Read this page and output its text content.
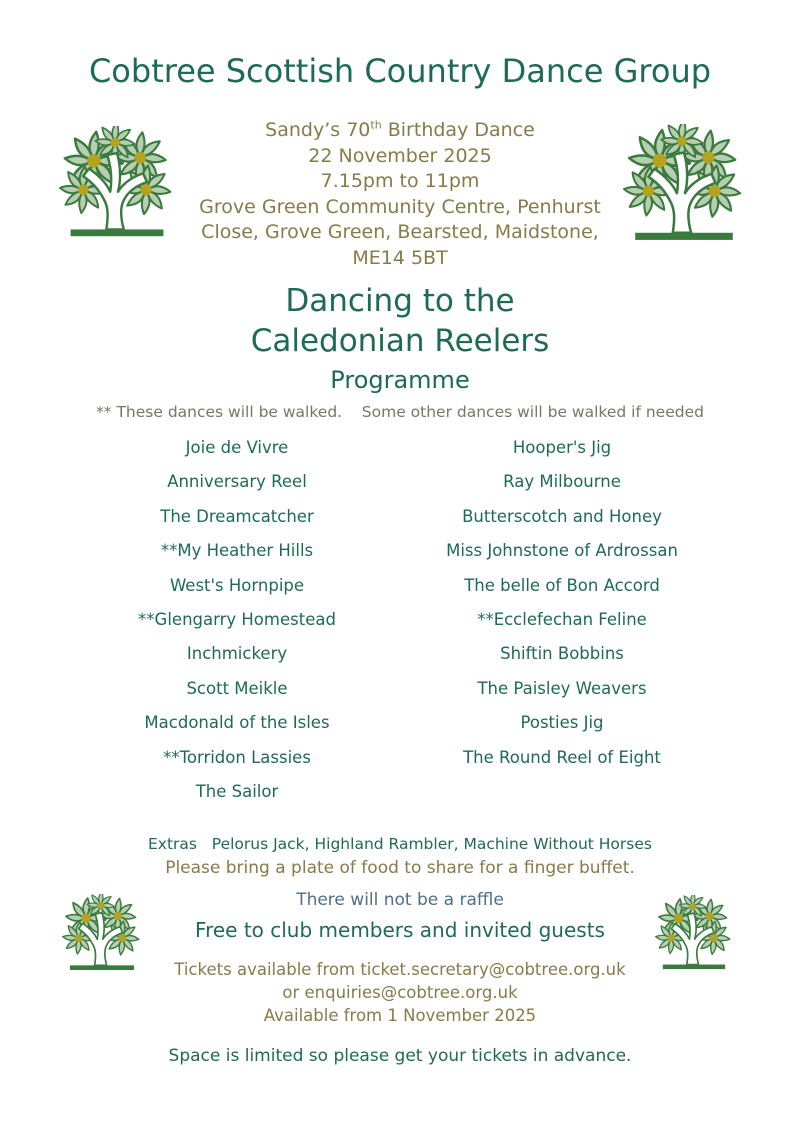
Cobtree Scottish Country Dance Group
Sandy’s 70th Birthday Dance
22 November 2025
7.15pm to 11pm
Grove Green Community Centre, Penhurst Close, Grove Green, Bearsted, Maidstone, ME14 5BT
Dancing to the
Caledonian Reelers
Programme
** These dances will be walked.    Some other dances will be walked if needed
Joie de Vivre
Anniversary Reel
The Dreamcatcher
**My Heather Hills
West's Hornpipe
**Glengarry Homestead
Inchmickery
Scott Meikle
Macdonald of the Isles
**Torridon Lassies
The Sailor
Hooper's Jig
Ray Milbourne
Butterscotch and Honey
Miss Johnstone of Ardrossan
The belle of Bon Accord
**Ecclefechan Feline
Shiftin Bobbins
The Paisley Weavers
Posties Jig
The Round Reel of Eight
Extras   Pelorus Jack, Highland Rambler, Machine Without Horses
Please bring a plate of food to share for a finger buffet.
There will not be a raffle
Free to club members and invited guests
Tickets available from ticket.secretary@cobtree.org.uk
or enquiries@cobtree.org.uk
Available from 1 November 2025
Space is limited so please get your tickets in advance.
